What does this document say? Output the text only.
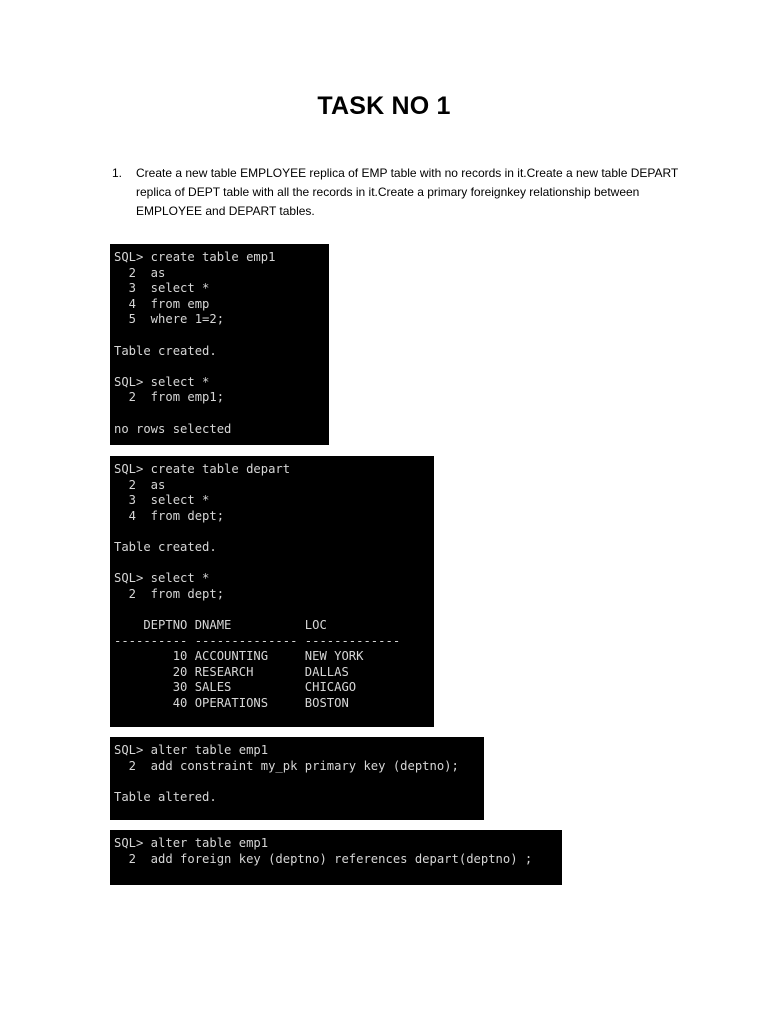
TASK NO 1
1.	Create a new table EMPLOYEE replica of EMP table with no records in it.Create a new table DEPART replica of DEPT table with all the records in it.Create a primary foreignkey relationship between EMPLOYEE and DEPART tables.
SQL> create table emp1
2  as
3  select *
4  from emp
5  where 1=2;
Table created.
SQL> select *
2  from emp1;
no rows selected
SQL> create table depart
2  as
3  select *
4  from dept;
Table created.
SQL> select *
2  from dept;
DEPTNO DNAME          LOC
---------- -------------- -------------
10 ACCOUNTING     NEW YORK
20 RESEARCH       DALLAS
30 SALES          CHICAGO
40 OPERATIONS     BOSTON
SQL> alter table emp1
2  add constraint my_pk primary key (deptno);
Table altered.
SQL> alter table emp1
2  add foreign key (deptno) references depart(deptno) ;
